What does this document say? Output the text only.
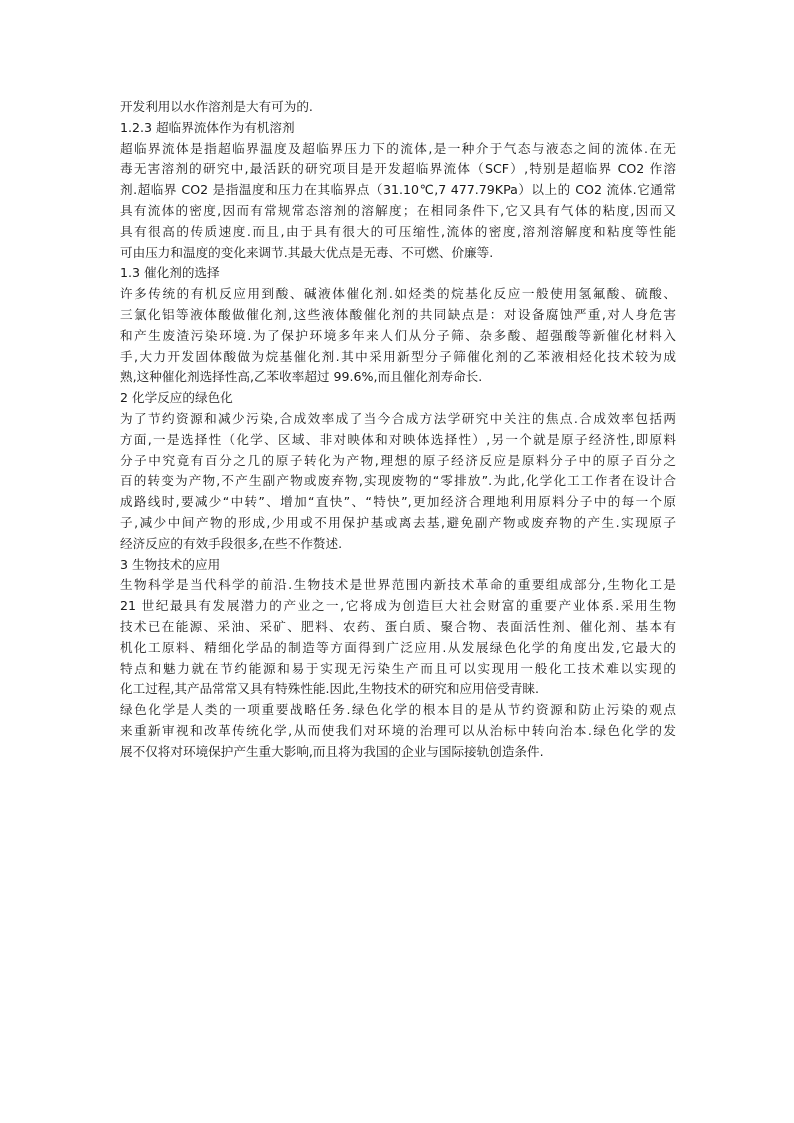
开发利用以水作溶剂是大有可为的.
1.2.3 超临界流体作为有机溶剂
超临界流体是指超临界温度及超临界压力下的流体,是一种介于气态与液态之间的流体.在无
毒无害溶剂的研究中,最活跃的研究项目是开发超临界流体（SCF）,特别是超临界 CO2 作溶
剂.超临界 CO2 是指温度和压力在其临界点（31.10℃,7 477.79KPa）以上的 CO2 流体.它通常
具有流体的密度,因而有常规常态溶剂的溶解度；在相同条件下,它又具有气体的粘度,因而又
具有很高的传质速度.而且,由于具有很大的可压缩性,流体的密度,溶剂溶解度和粘度等性能
可由压力和温度的变化来调节.其最大优点是无毒、不可燃、价廉等.
1.3 催化剂的选择
许多传统的有机反应用到酸、碱液体催化剂.如烃类的烷基化反应一般使用氢氟酸、硫酸、
三氯化铝等液体酸做催化剂,这些液体酸催化剂的共同缺点是：对设备腐蚀严重,对人身危害
和产生废渣污染环境.为了保护环境多年来人们从分子筛、杂多酸、超强酸等新催化材料入
手,大力开发固体酸做为烷基催化剂.其中采用新型分子筛催化剂的乙苯液相烃化技术较为成
熟,这种催化剂选择性高,乙苯收率超过 99.6%,而且催化剂寿命长.
2 化学反应的绿色化
为了节约资源和减少污染,合成效率成了当今合成方法学研究中关注的焦点.合成效率包括两
方面,一是选择性（化学、区域、非对映体和对映体选择性）,另一个就是原子经济性,即原料
分子中究竟有百分之几的原子转化为产物,理想的原子经济反应是原料分子中的原子百分之
百的转变为产物,不产生副产物或废弃物,实现废物的“零排放”.为此,化学化工工作者在设计合
成路线时,要减少“中转”、增加“直快”、“特快”,更加经济合理地利用原料分子中的每一个原
子,减少中间产物的形成,少用或不用保护基或离去基,避免副产物或废弃物的产生.实现原子
经济反应的有效手段很多,在些不作赘述.
3 生物技术的应用
生物科学是当代科学的前沿.生物技术是世界范围内新技术革命的重要组成部分,生物化工是
21 世纪最具有发展潜力的产业之一,它将成为创造巨大社会财富的重要产业体系.采用生物
技术已在能源、采油、采矿、肥料、农药、蛋白质、聚合物、表面活性剂、催化剂、基本有
机化工原料、精细化学品的制造等方面得到广泛应用.从发展绿色化学的角度出发,它最大的
特点和魅力就在节约能源和易于实现无污染生产而且可以实现用一般化工技术难以实现的
化工过程,其产品常常又具有特殊性能.因此,生物技术的研究和应用倍受青睐.
绿色化学是人类的一项重要战略任务.绿色化学的根本目的是从节约资源和防止污染的观点
来重新审视和改革传统化学,从而使我们对环境的治理可以从治标中转向治本.绿色化学的发
展不仅将对环境保护产生重大影响,而且将为我国的企业与国际接轨创造条件.
